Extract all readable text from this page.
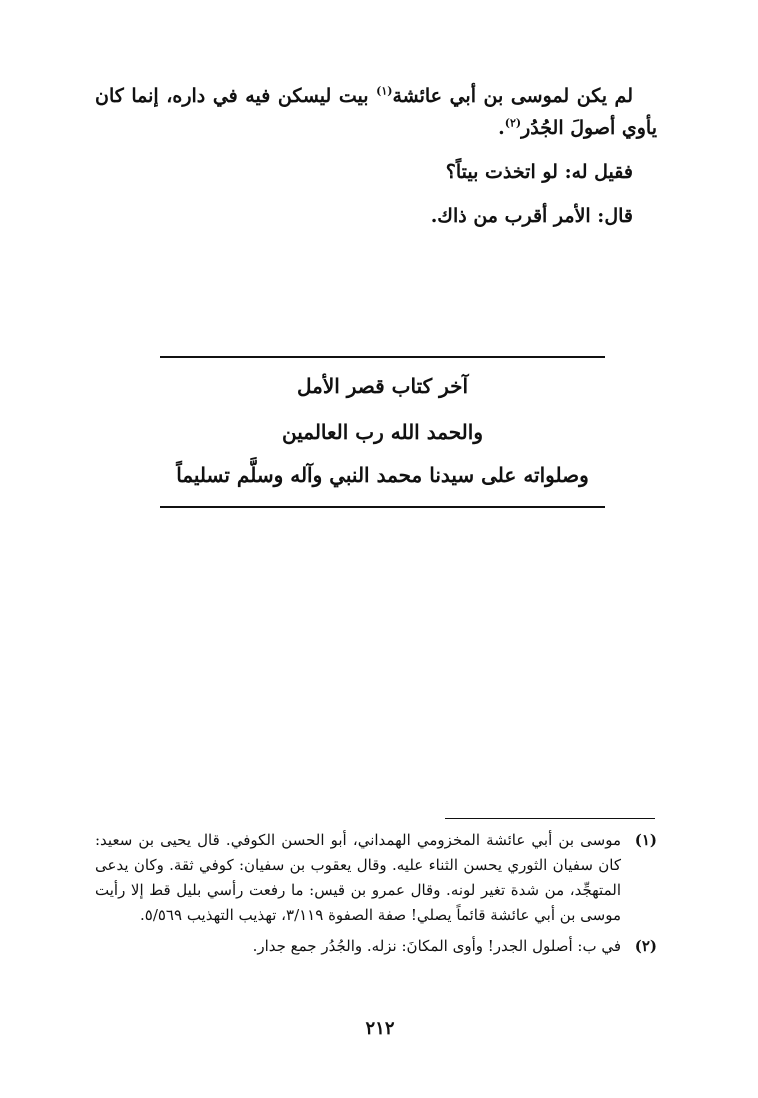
لم يكن لموسى بن أبي عائشة$^{(١)}$ بيت ليسكن فيه في داره، إنما كان يأوي أصولَ الجُدُر$^{(٢)}$.

فقيل له: لو اتخذت بيتاً؟

قال: الأمر أقرب من ذاك.

آخر كتاب قصر الأمل
والحمد الله رب العالمين
وصلواته على سيدنا محمد النبي وآله وسلَّم تسليماً
(١)
موسى بن أبي عائشة المخزومي الهمداني، أبو الحسن الكوفي. قال يحيى بن سعيد: كان سفيان الثوري يحسن الثناء عليه. وقال يعقوب بن سفيان: كوفي ثقة. وكان يدعى المتهجِّد، من شدة تغير لونه. وقال عمرو بن قيس: ما رفعت رأسي بليل قط إلا رأيت موسى بن أبي عائشة قائماً يصلي! صفة الصفوة ٣/١١٩، تهذيب التهذيب ٥/٥٦٩.
(٢)
في ب: أصلول الجدر! وأوى المكانَ: نزله. والجُدُر جمع جدار.
٢١٢
